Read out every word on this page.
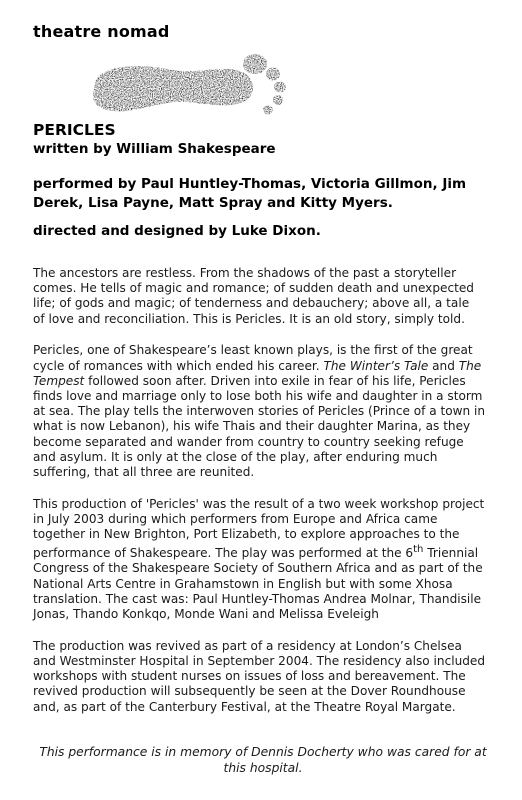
theatre nomad
PERICLES
written by William Shakespeare
performed by Paul Huntley-Thomas, Victoria Gillmon, Jim Derek, Lisa Payne, Matt Spray and Kitty Myers.
directed and designed by Luke Dixon.

The ancestors are restless. From the shadows of the past a storyteller
comes. He tells of magic and romance; of sudden death and unexpected
life; of gods and magic; of tenderness and debauchery; above all, a tale
of love and reconciliation. This is Pericles. It is an old story, simply told.

Pericles, one of Shakespeare’s least known plays, is the first of the great
cycle of romances with which ended his career. The Winter’s Tale and The
Tempest followed soon after. Driven into exile in fear of his life, Pericles
finds love and marriage only to lose both his wife and daughter in a storm
at sea. The play tells the interwoven stories of Pericles (Prince of a town in
what is now Lebanon), his wife Thais and their daughter Marina, as they
become separated and wander from country to country seeking refuge
and asylum. It is only at the close of the play, after enduring much
suffering, that all three are reunited.

This production of 'Pericles' was the result of a two week workshop project
in July 2003 during which performers from Europe and Africa came
together in New Brighton, Port Elizabeth, to explore approaches to the
performance of Shakespeare. The play was performed at the 6th Triennial
Congress of the Shakespeare Society of Southern Africa and as part of the
National Arts Centre in Grahamstown in English but with some Xhosa
translation. The cast was: Paul Huntley-Thomas Andrea Molnar, Thandisile
Jonas, Thando Konkqo, Monde Wani and Melissa Eveleigh

The production was revived as part of a residency at London’s Chelsea
and Westminster Hospital in September 2004. The residency also included
workshops with student nurses on issues of loss and bereavement. The
revived production will subsequently be seen at the Dover Roundhouse
and, as part of the Canterbury Festival, at the Theatre Royal Margate.

This performance is in memory of Dennis Docherty who was cared for at
this hospital.
